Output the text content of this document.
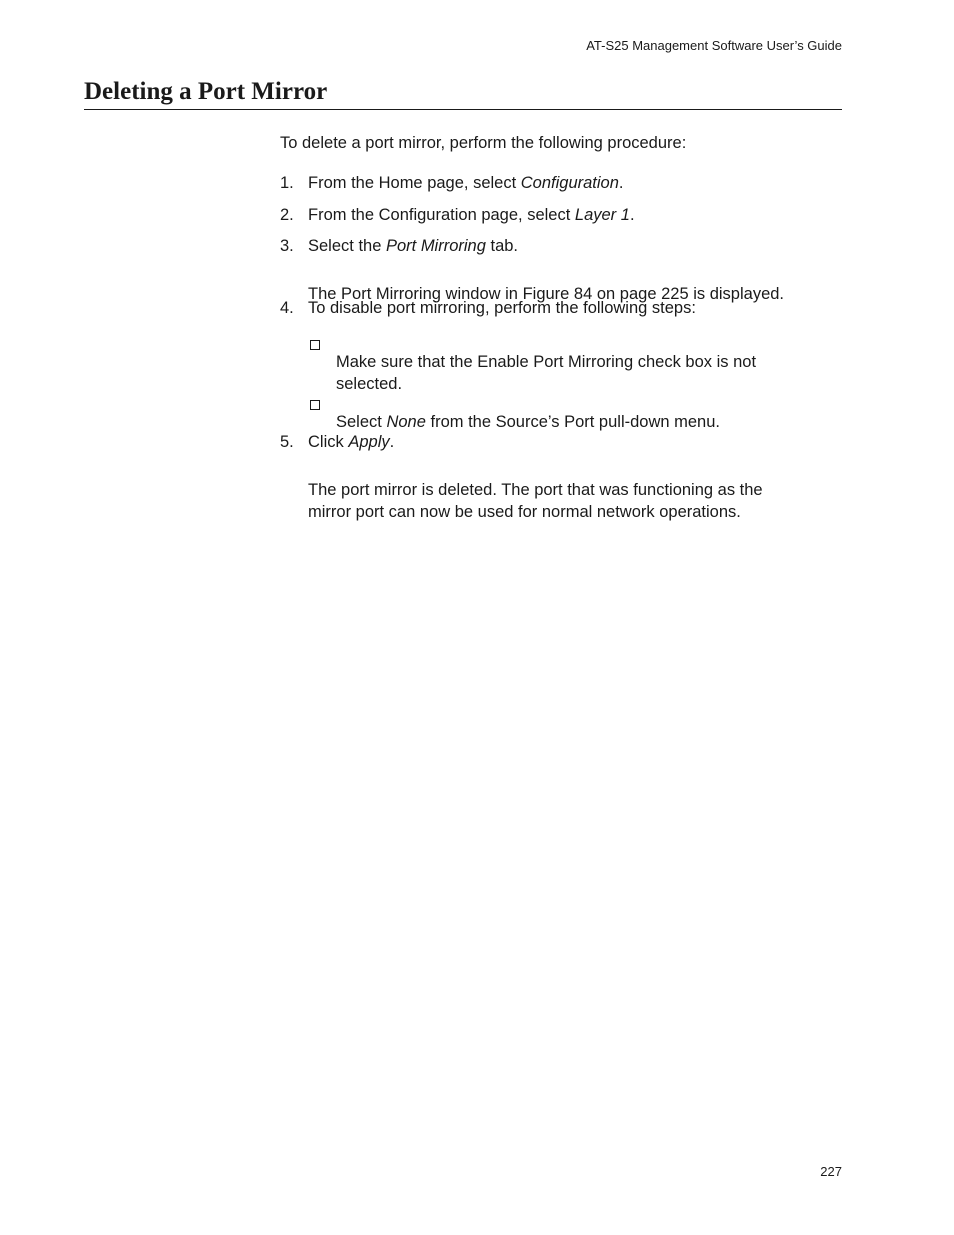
AT-S25 Management Software User’s Guide
Deleting a Port Mirror

To delete a port mirror, perform the following procedure:

1. From the Home page, select Configuration.
2. From the Configuration page, select Layer 1.
3. Select the Port Mirroring tab.

The Port Mirroring window in Figure 84 on page 225 is displayed.

4. To disable port mirroring, perform the following steps:

Make sure that the Enable Port Mirroring check box is not selected.

Select None from the Source’s Port pull-down menu.

5. Click Apply.

The port mirror is deleted. The port that was functioning as the mirror port can now be used for normal network operations.

227
